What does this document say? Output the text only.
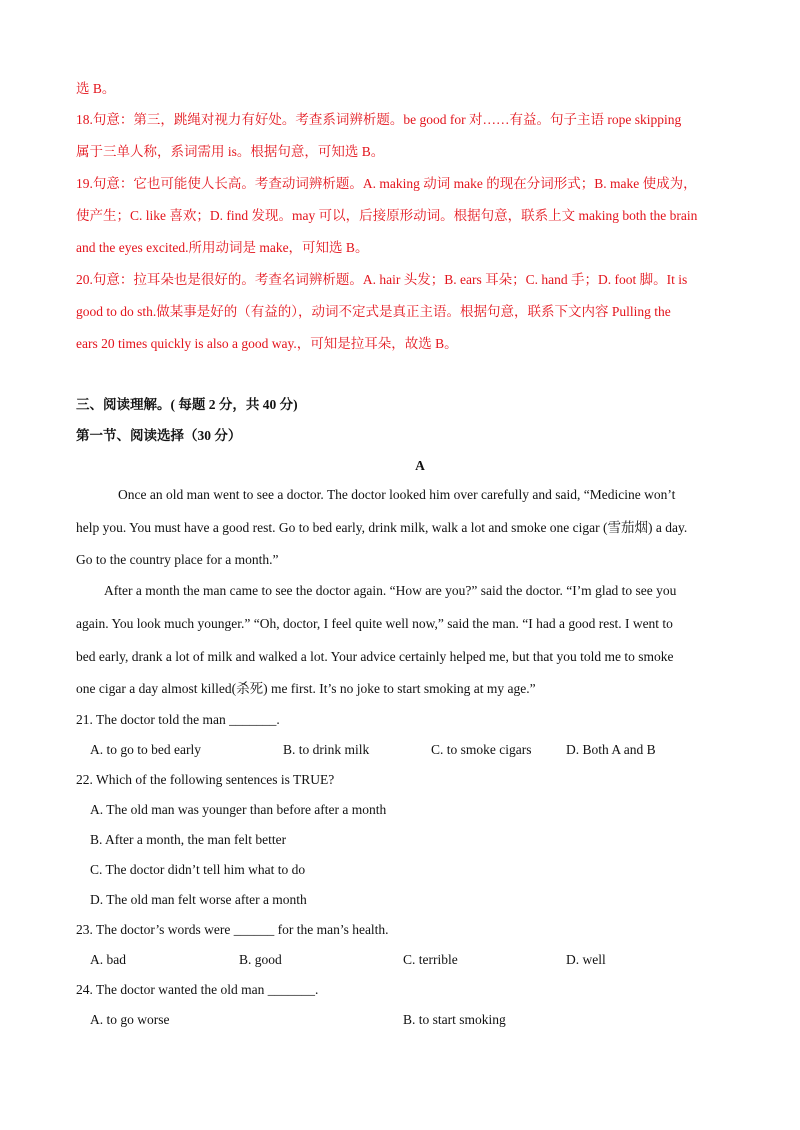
选 B。
18.句意：第三，跳绳对视力有好处。考查系词辨析题。be good for 对……有益。句子主语 rope skipping
属于三单人称，系词需用 is。根据句意，可知选 B。
19.句意：它也可能使人长高。考查动词辨析题。A. making 动词 make 的现在分词形式；B. make 使成为，
使产生；C. like 喜欢；D. find 发现。may 可以，后接原形动词。根据句意，联系上文 making both the brain
and the eyes excited.所用动词是 make，可知选 B。
20.句意：拉耳朵也是很好的。考查名词辨析题。A. hair 头发；B. ears 耳朵；C. hand 手；D. foot 脚。It is
good to do sth.做某事是好的（有益的），动词不定式是真正主语。根据句意，联系下文内容 Pulling the
ears 20 times quickly is also a good way.，可知是拉耳朵，故选 B。
三、阅读理解。( 每题 2 分，共 40 分)
第一节、阅读选择（30 分）
A
Once an old man went to see a doctor. The doctor looked him over carefully and said, “Medicine won’t
help you. You must have a good rest. Go to bed early, drink milk, walk a lot and smoke one cigar (雪茄烟) a day.
Go to the country place for a month.”
After a month the man came to see the doctor again. “How are you?” said the doctor. “I’m glad to see you
again. You look much younger.” “Oh, doctor, I feel quite well now,” said the man. “I had a good rest. I went to
bed early, drank a lot of milk and walked a lot. Your advice certainly helped me, but that you told me to smoke
one cigar a day almost killed(杀死) me first. It’s no joke to start smoking at my age.”
21. The doctor told the man _______.
A. to go to bed early	B. to drink milk	C. to smoke cigars	D. Both A and B
22. Which of the following sentences is TRUE?
A. The old man was younger than before after a month
B. After a month, the man felt better
C. The doctor didn’t tell him what to do
D. The old man felt worse after a month
23. The doctor’s words were ______ for the man’s health.
A. bad	B. good	C. terrible	D. well
24. The doctor wanted the old man _______.
A. to go worse	B. to start smoking
